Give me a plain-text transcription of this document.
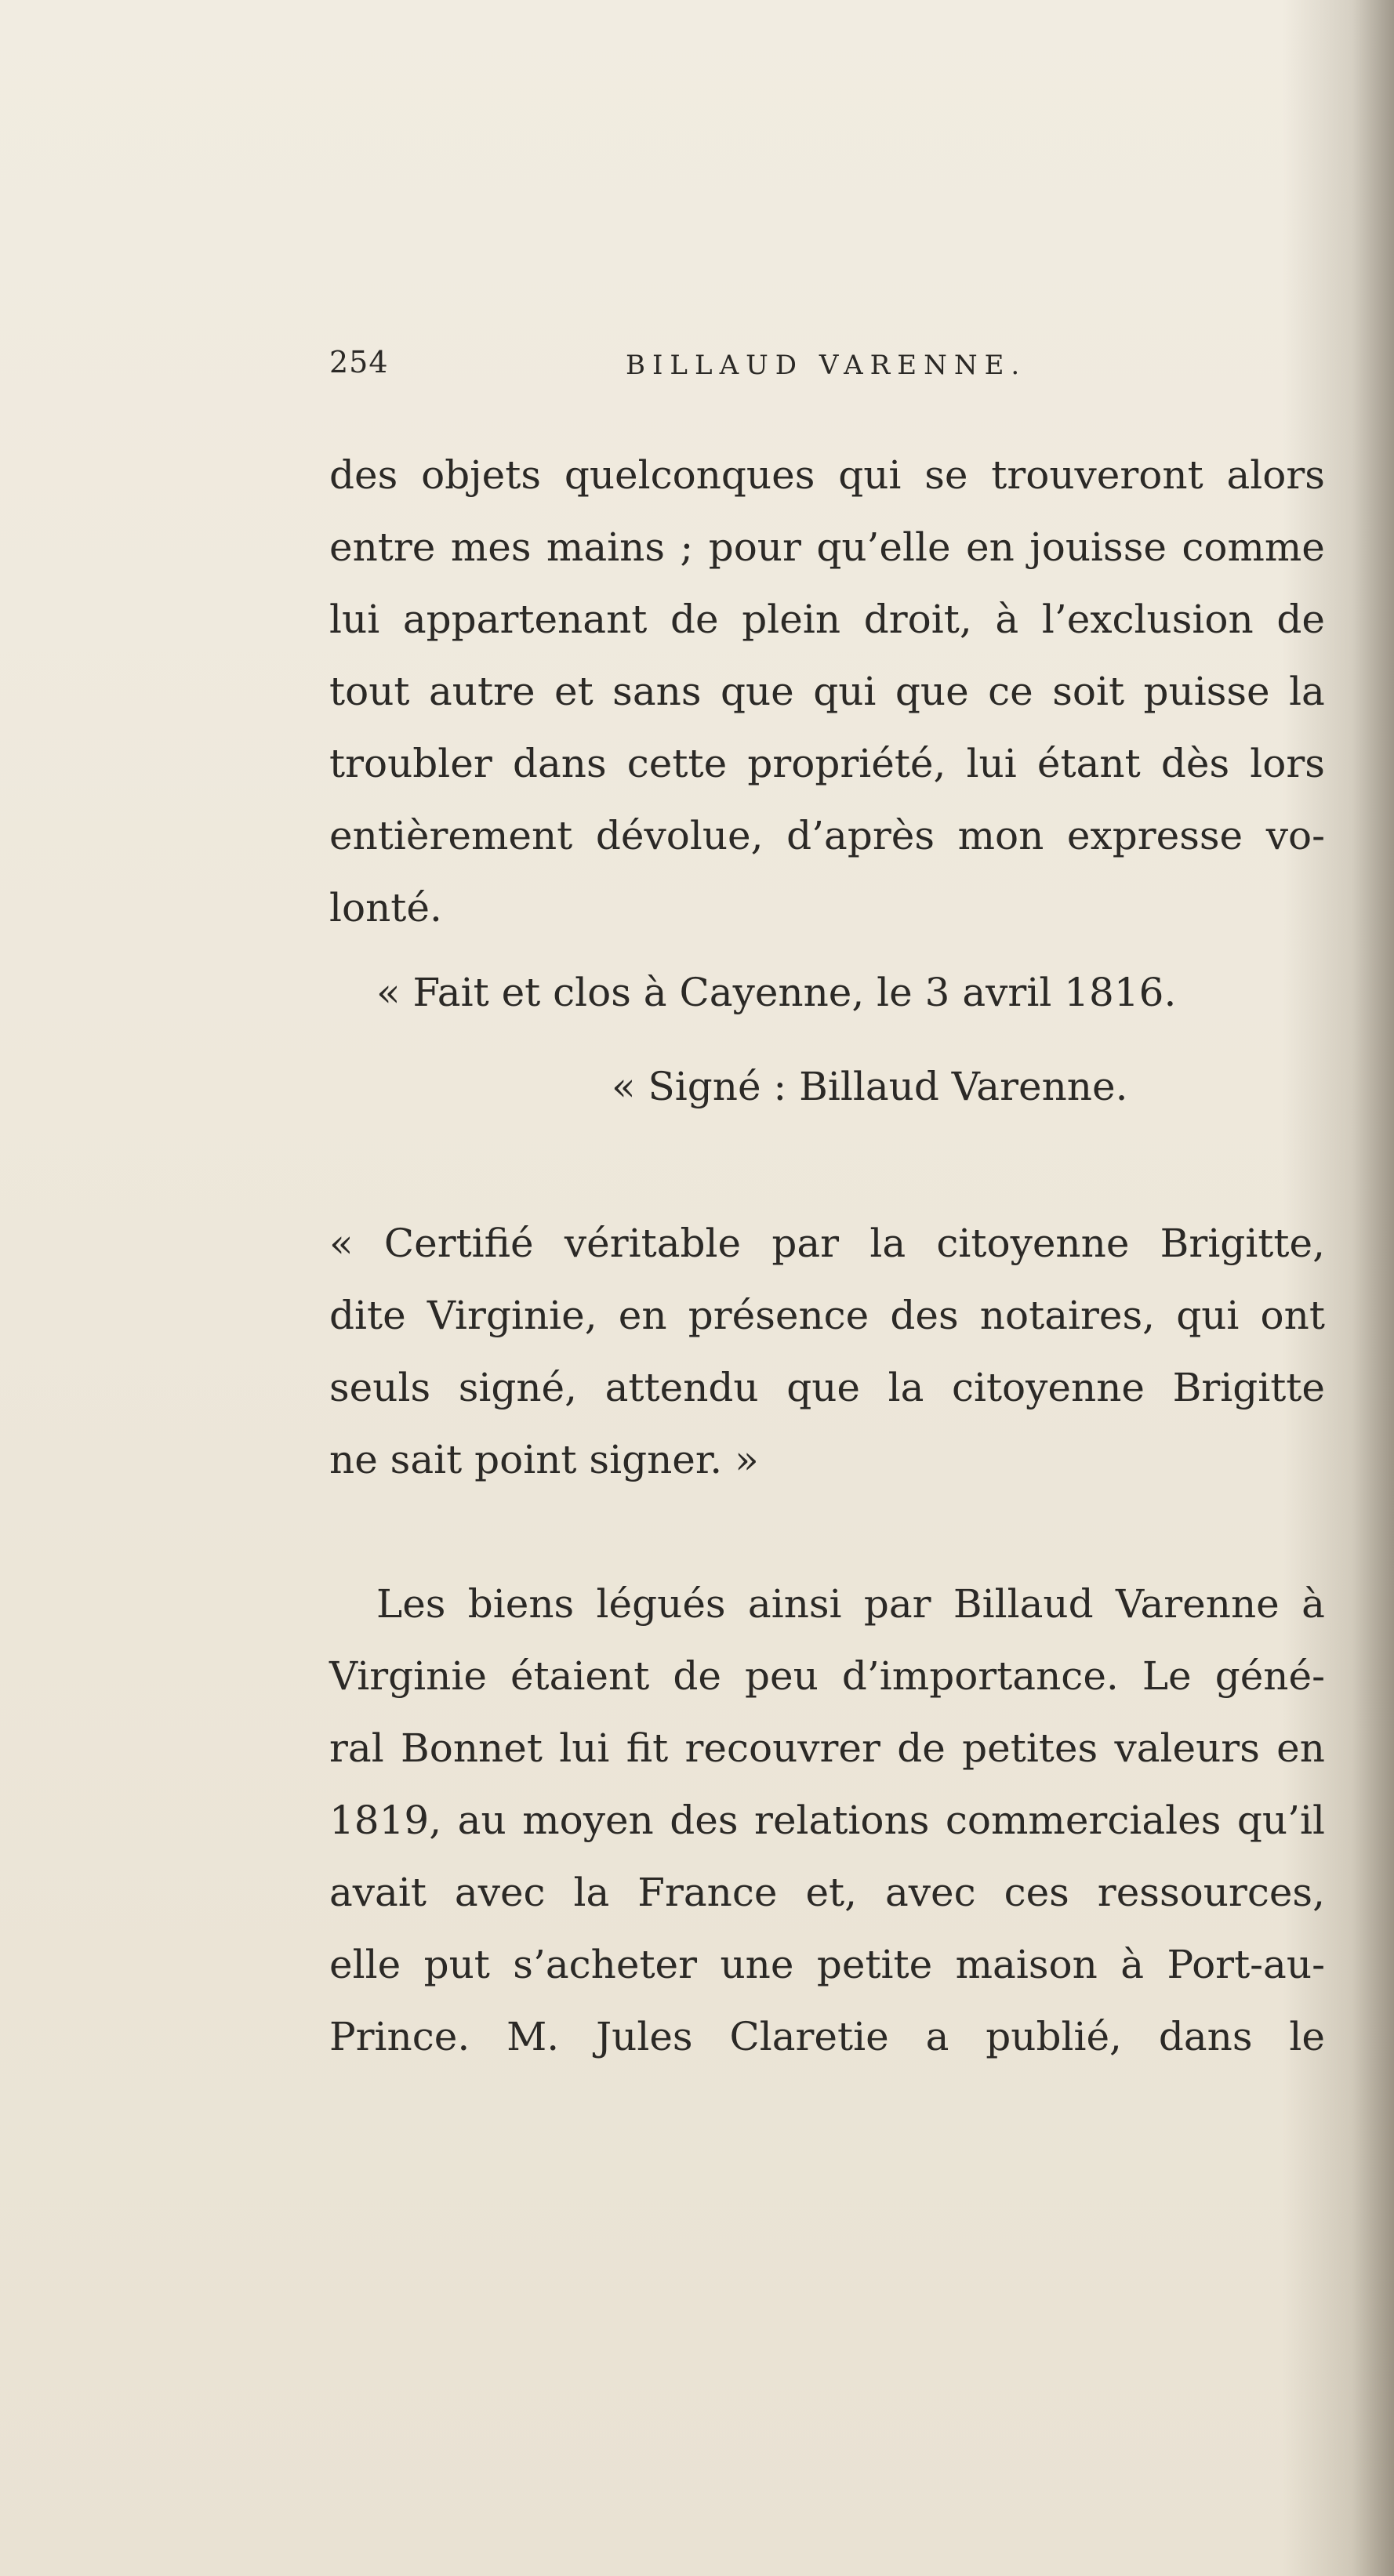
254	BILLAUD VARENNE.
des objets quelconques qui se trouveront alors
entre mes mains ; pour qu’elle en jouisse comme
lui appartenant de plein droit, à l’exclusion de
tout autre et sans que qui que ce soit puisse la
troubler dans cette propriété, lui étant dès lors
entièrement dévolue, d’après mon expresse vo-
lonté.
« Fait et clos à Cayenne, le 3 avril 1816.
« Signé : Billaud Varenne.
« Certifié véritable par la citoyenne Brigitte,
dite Virginie, en présence des notaires, qui ont
seuls signé, attendu que la citoyenne Brigitte
ne sait point signer. »
Les biens légués ainsi par Billaud Varenne à
Virginie étaient de peu d’importance. Le géné-
ral Bonnet lui fit recouvrer de petites valeurs en
1819, au moyen des relations commerciales qu’il
avait avec la France et, avec ces ressources,
elle put s’acheter une petite maison à Port-au-
Prince. M. Jules Claretie a publié, dans le
